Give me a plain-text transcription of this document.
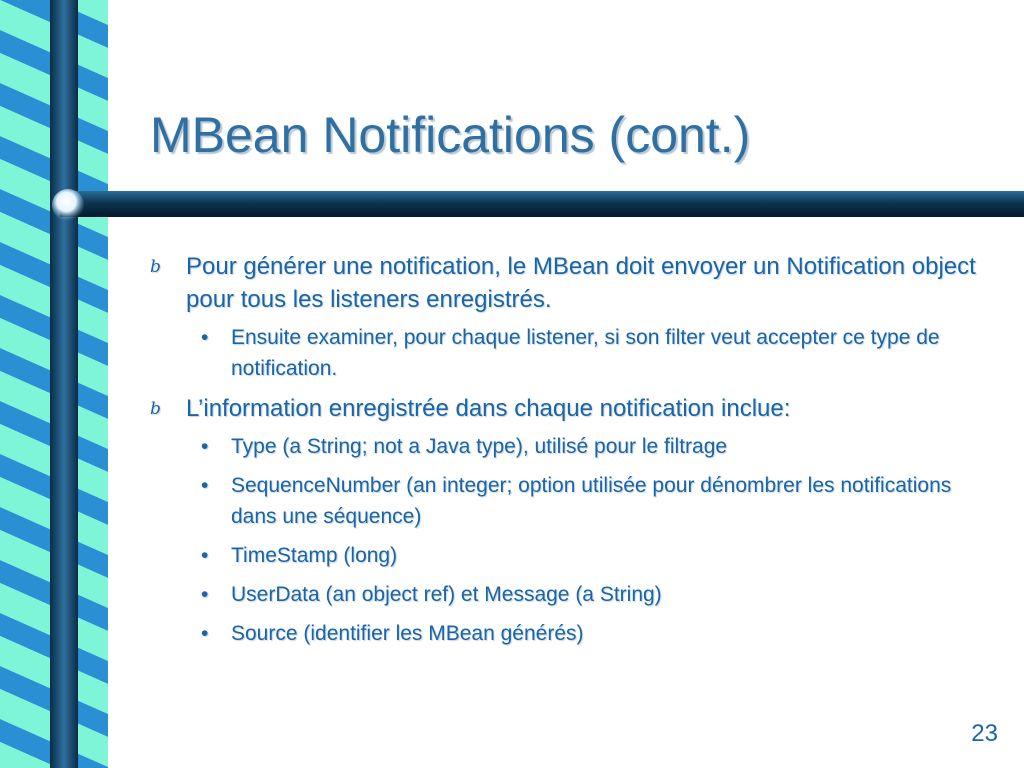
MBean Notifications (cont.)
b Pour générer une notification, le MBean doit envoyer un Notification object pour tous les listeners enregistrés.
• Ensuite examiner, pour chaque listener, si son filter veut accepter ce type de notification.
b L’information enregistrée dans chaque notification inclue:
• Type (a String; not a Java type), utilisé pour le filtrage
• SequenceNumber (an integer; option utilisée pour dénombrer les notifications dans une séquence)
• TimeStamp (long)
• UserData (an object ref) et Message (a String)
• Source (identifier les MBean générés)
23
